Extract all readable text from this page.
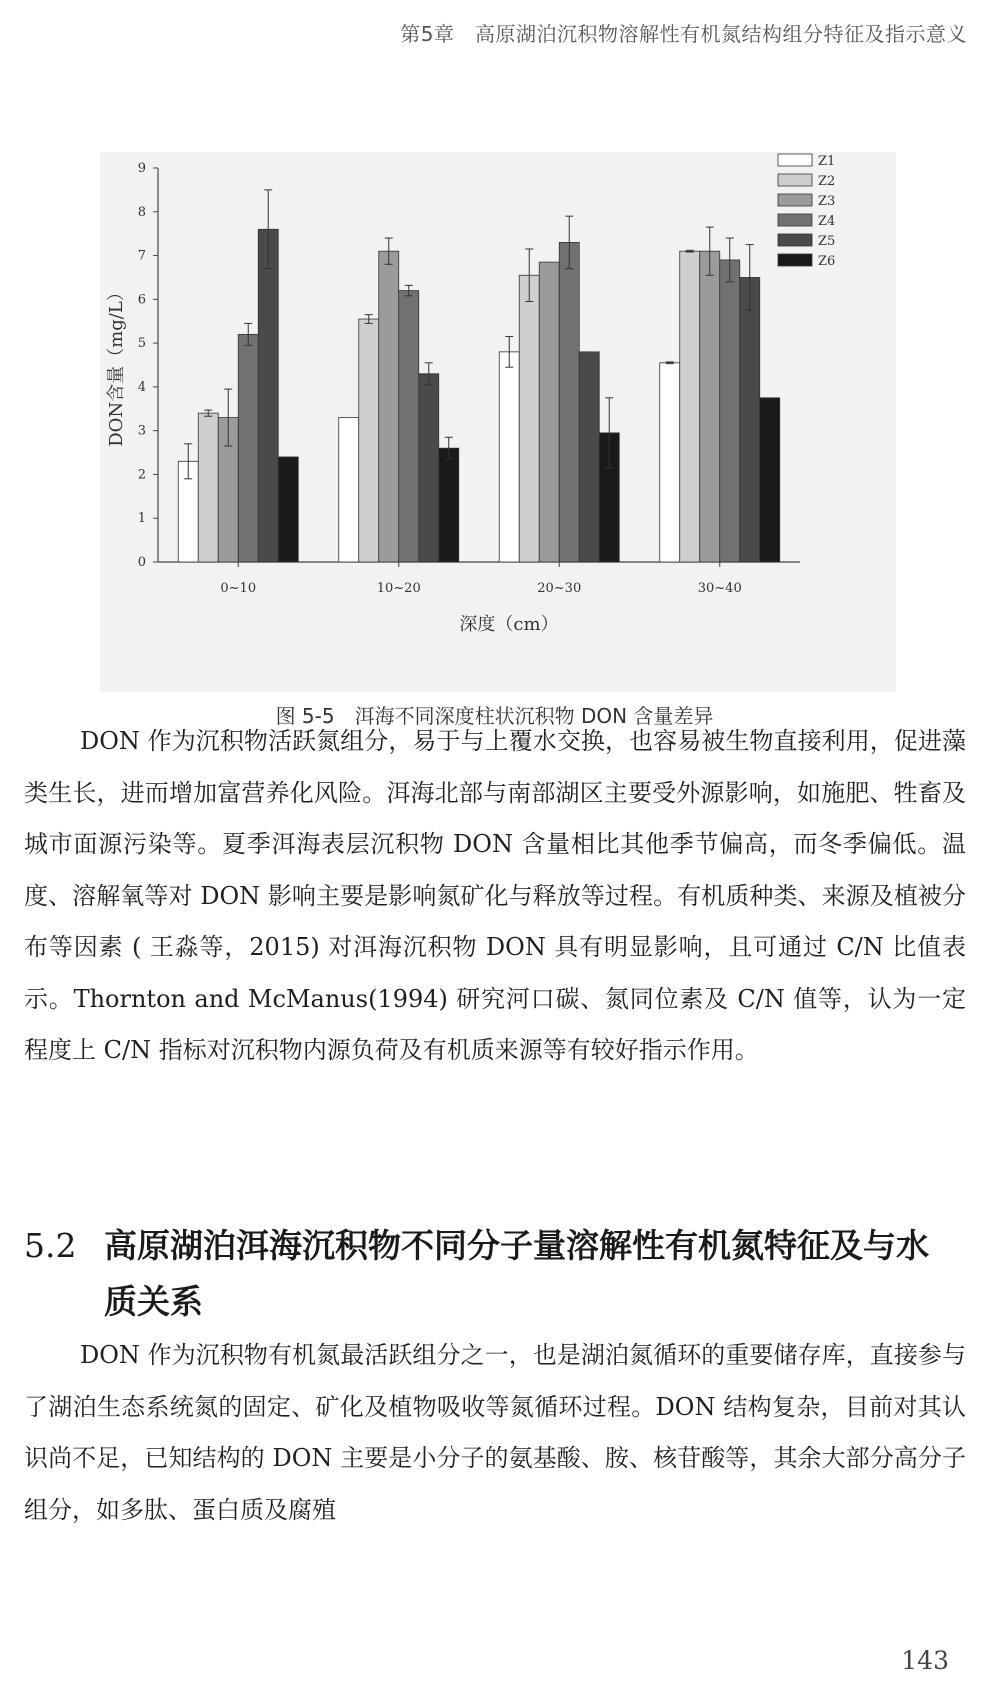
第5章　高原湖泊沉积物溶解性有机氮结构组分特征及指示意义
0
1
2
3
4
5
6
7
8
9
DON含量（mg/L）
0~10	10~20	20~30	30~40
深度（cm）
Z1
Z2
Z3
Z4
Z5
Z6
图 5-5　洱海不同深度柱状沉积物 DON 含量差异

DON 作为沉积物活跃氮组分，易于与上覆水交换，也容易被生物直接利用，促进藻类生长，进而增加富营养化风险。洱海北部与南部湖区主要受外源影响，如施肥、牲畜及城市面源污染等。夏季洱海表层沉积物 DON 含量相比其他季节偏高，而冬季偏低。温度、溶解氧等对 DON 影响主要是影响氮矿化与释放等过程。有机质种类、来源及植被分布等因素 ( 王淼等，2015) 对洱海沉积物 DON 具有明显影响，且可通过 C/N 比值表示。Thornton and McManus(1994) 研究河口碳、氮同位素及 C/N 值等，认为一定程度上 C/N 指标对沉积物内源负荷及有机质来源等有较好指示作用。

5.2 高原湖泊洱海沉积物不同分子量溶解性有机氮特征及与水质关系

DON 作为沉积物有机氮最活跃组分之一，也是湖泊氮循环的重要储存库，直接参与了湖泊生态系统氮的固定、矿化及植物吸收等氮循环过程。DON 结构复杂，目前对其认识尚不足，已知结构的 DON 主要是小分子的氨基酸、胺、核苷酸等，其余大部分高分子组分，如多肽、蛋白质及腐殖

143
